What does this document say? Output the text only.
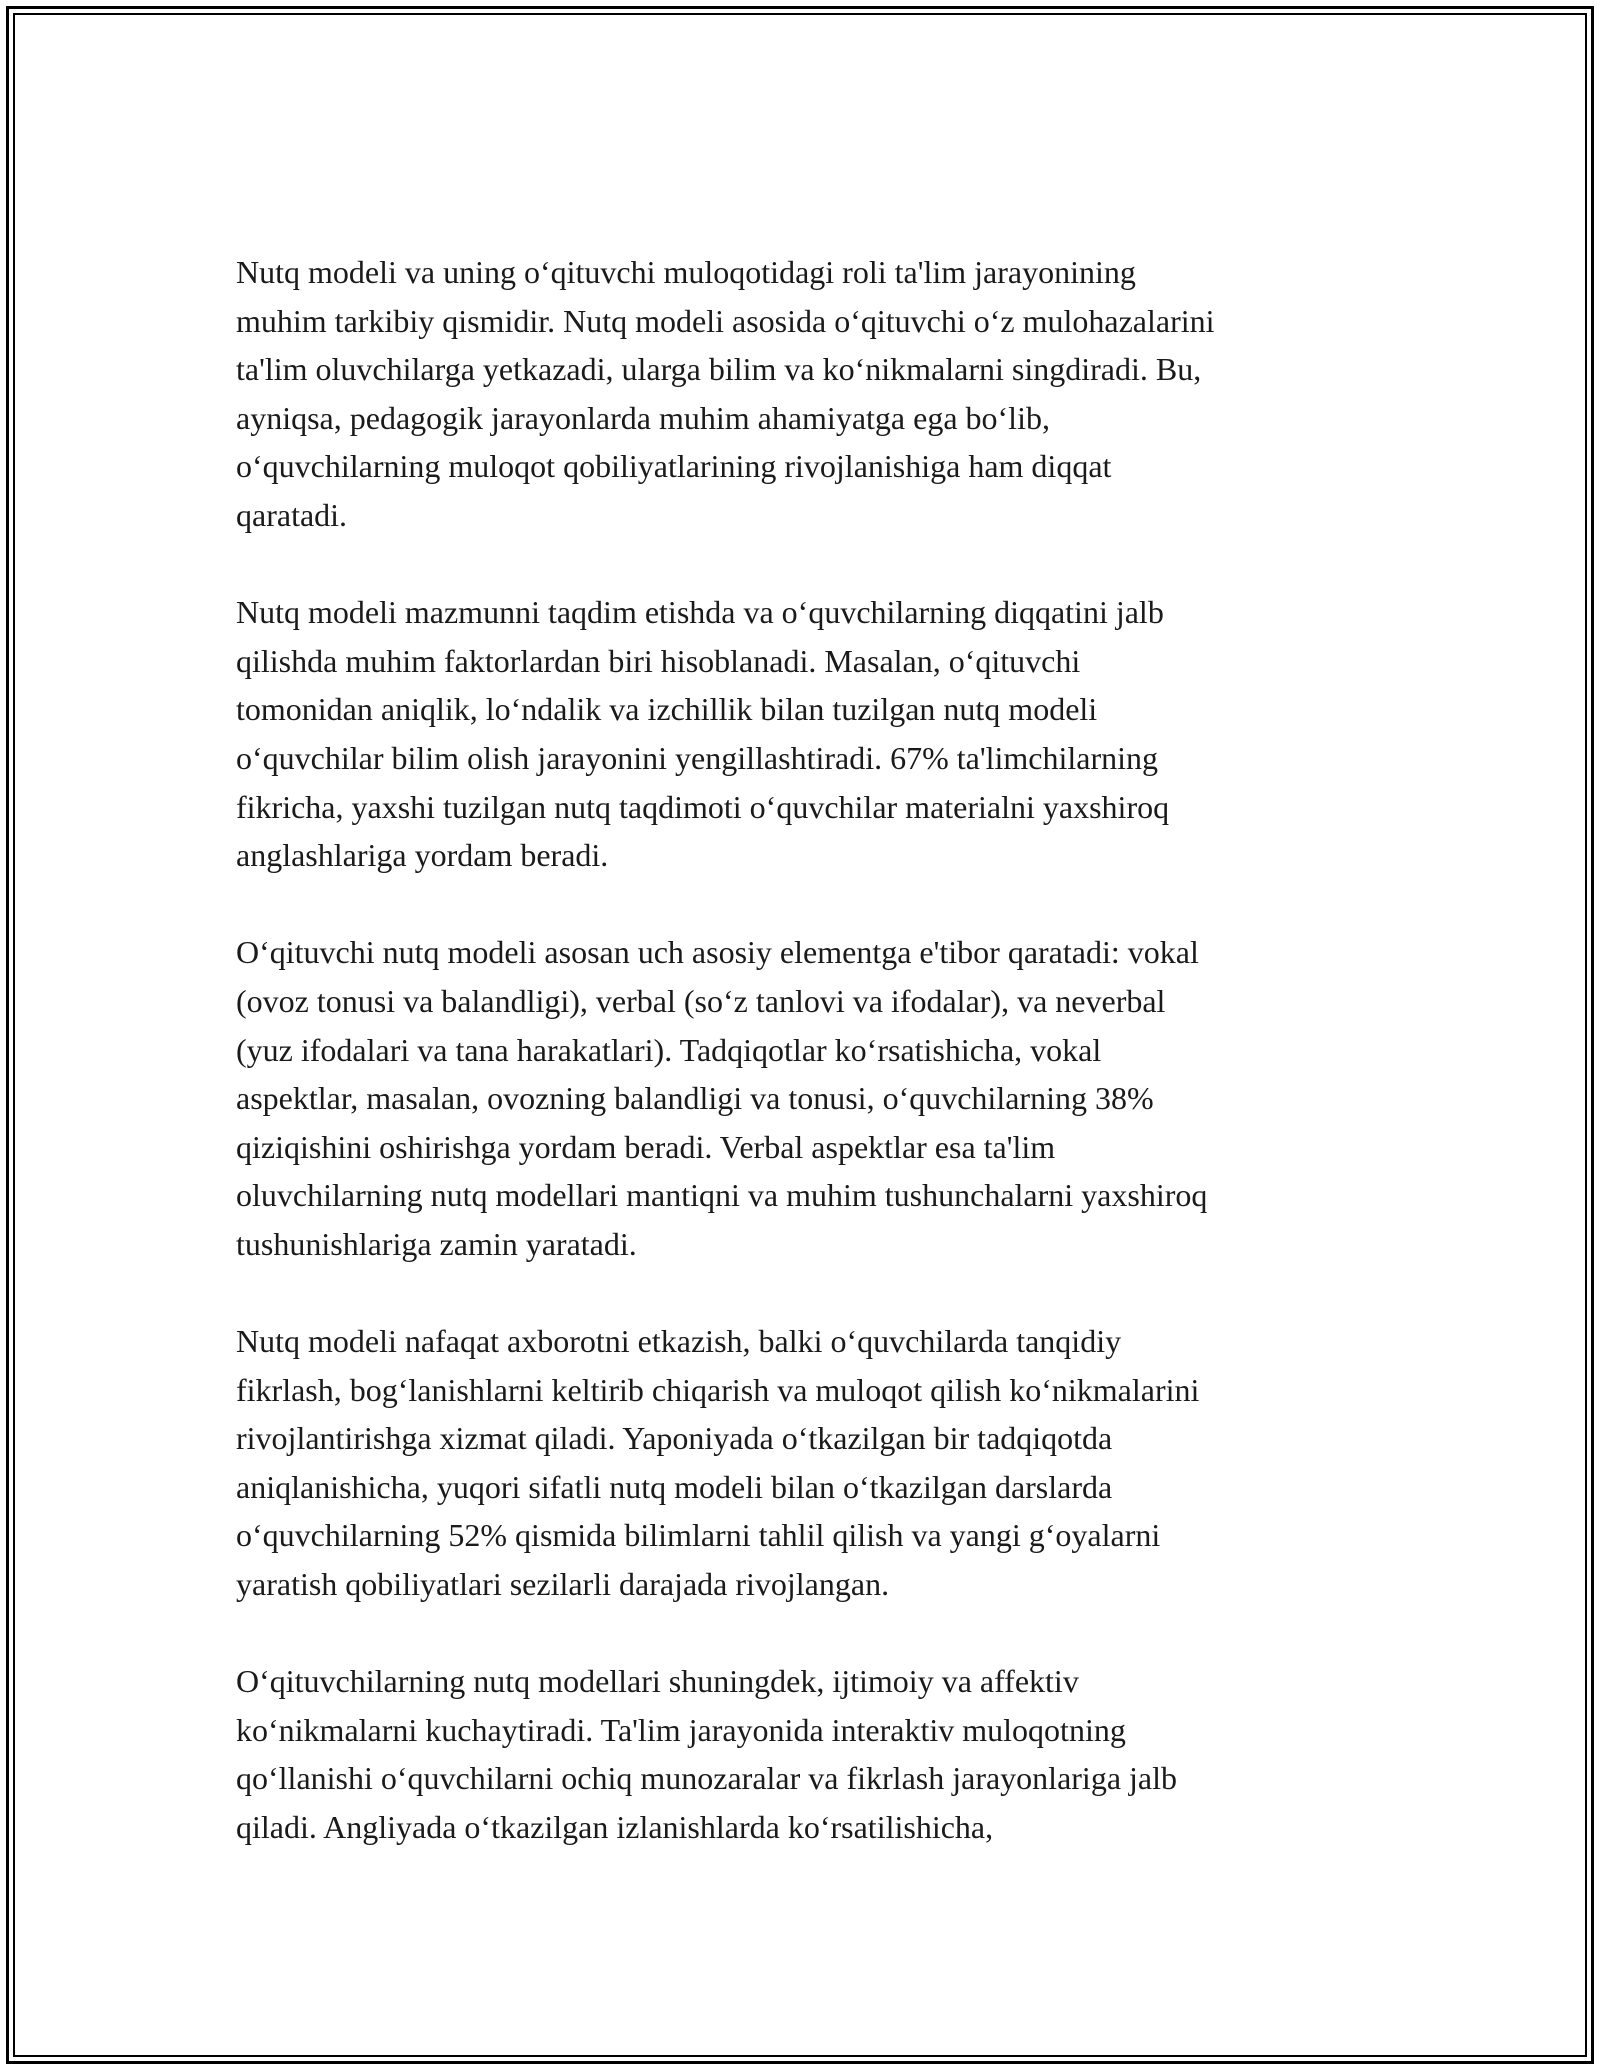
Nutq modeli va uning o‘qituvchi muloqotidagi roli ta'lim jarayonining
muhim tarkibiy qismidir. Nutq modeli asosida o‘qituvchi o‘z mulohazalarini
ta'lim oluvchilarga yetkazadi, ularga bilim va ko‘nikmalarni singdiradi. Bu,
ayniqsa, pedagogik jarayonlarda muhim ahamiyatga ega bo‘lib,
o‘quvchilarning muloqot qobiliyatlarining rivojlanishiga ham diqqat
qaratadi.

Nutq modeli mazmunni taqdim etishda va o‘quvchilarning diqqatini jalb
qilishda muhim faktorlardan biri hisoblanadi. Masalan, o‘qituvchi
tomonidan aniqlik, lo‘ndalik va izchillik bilan tuzilgan nutq modeli
o‘quvchilar bilim olish jarayonini yengillashtiradi. 67% ta'limchilarning
fikricha, yaxshi tuzilgan nutq taqdimoti o‘quvchilar materialni yaxshiroq
anglashlariga yordam beradi.

O‘qituvchi nutq modeli asosan uch asosiy elementga e'tibor qaratadi: vokal
(ovoz tonusi va balandligi), verbal (so‘z tanlovi va ifodalar), va neverbal
(yuz ifodalari va tana harakatlari). Tadqiqotlar ko‘rsatishicha, vokal
aspektlar, masalan, ovozning balandligi va tonusi, o‘quvchilarning 38%
qiziqishini oshirishga yordam beradi. Verbal aspektlar esa ta'lim
oluvchilarning nutq modellari mantiqni va muhim tushunchalarni yaxshiroq
tushunishlariga zamin yaratadi.

Nutq modeli nafaqat axborotni etkazish, balki o‘quvchilarda tanqidiy
fikrlash, bog‘lanishlarni keltirib chiqarish va muloqot qilish ko‘nikmalarini
rivojlantirishga xizmat qiladi. Yaponiyada o‘tkazilgan bir tadqiqotda
aniqlanishicha, yuqori sifatli nutq modeli bilan o‘tkazilgan darslarda
o‘quvchilarning 52% qismida bilimlarni tahlil qilish va yangi g‘oyalarni
yaratish qobiliyatlari sezilarli darajada rivojlangan.

O‘qituvchilarning nutq modellari shuningdek, ijtimoiy va affektiv
ko‘nikmalarni kuchaytiradi. Ta'lim jarayonida interaktiv muloqotning
qo‘llanishi o‘quvchilarni ochiq munozaralar va fikrlash jarayonlariga jalb
qiladi. Angliyada o‘tkazilgan izlanishlarda ko‘rsatilishicha,
